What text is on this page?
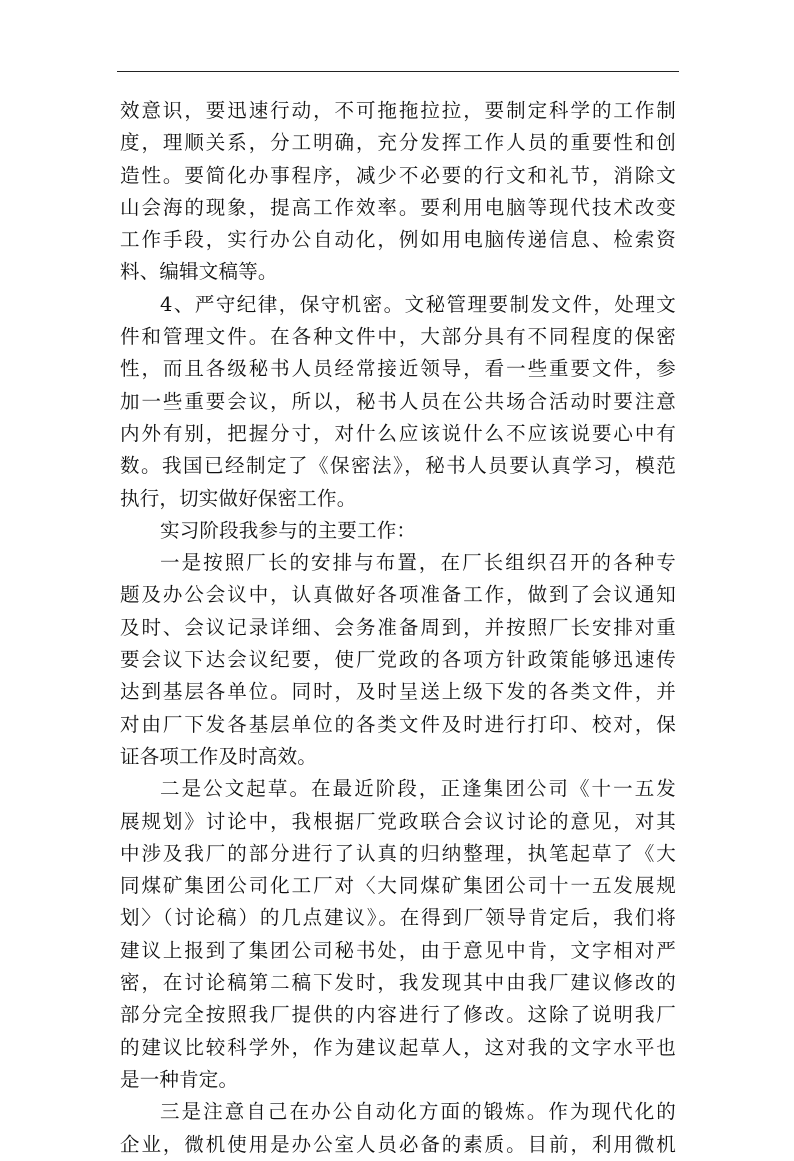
效意识，要迅速行动，不可拖拖拉拉，要制定科学的工作制
度，理顺关系，分工明确，充分发挥工作人员的重要性和创
造性。要简化办事程序，减少不必要的行文和礼节，消除文
山会海的现象，提高工作效率。要利用电脑等现代技术改变
工作手段，实行办公自动化，例如用电脑传递信息、检索资
料、编辑文稿等。
4、严守纪律，保守机密。文秘管理要制发文件，处理文
件和管理文件。在各种文件中，大部分具有不同程度的保密
性，而且各级秘书人员经常接近领导，看一些重要文件，参
加一些重要会议，所以，秘书人员在公共场合活动时要注意
内外有别，把握分寸，对什么应该说什么不应该说要心中有
数。我国已经制定了《保密法》，秘书人员要认真学习，模范
执行，切实做好保密工作。
实习阶段我参与的主要工作：
一是按照厂长的安排与布置，在厂长组织召开的各种专
题及办公会议中，认真做好各项准备工作，做到了会议通知
及时、会议记录详细、会务准备周到，并按照厂长安排对重
要会议下达会议纪要，使厂党政的各项方针政策能够迅速传
达到基层各单位。同时，及时呈送上级下发的各类文件，并
对由厂下发各基层单位的各类文件及时进行打印、校对，保
证各项工作及时高效。
二是公文起草。在最近阶段，正逢集团公司《十一五发
展规划》讨论中，我根据厂党政联合会议讨论的意见，对其
中涉及我厂的部分进行了认真的归纳整理，执笔起草了《大
同煤矿集团公司化工厂对〈大同煤矿集团公司十一五发展规
划〉（讨论稿）的几点建议》。在得到厂领导肯定后，我们将
建议上报到了集团公司秘书处，由于意见中肯，文字相对严
密，在讨论稿第二稿下发时，我发现其中由我厂建议修改的
部分完全按照我厂提供的内容进行了修改。这除了说明我厂
的建议比较科学外，作为建议起草人，这对我的文字水平也
是一种肯定。
三是注意自己在办公自动化方面的锻炼。作为现代化的
企业，微机使用是办公室人员必备的素质。目前，利用微机
